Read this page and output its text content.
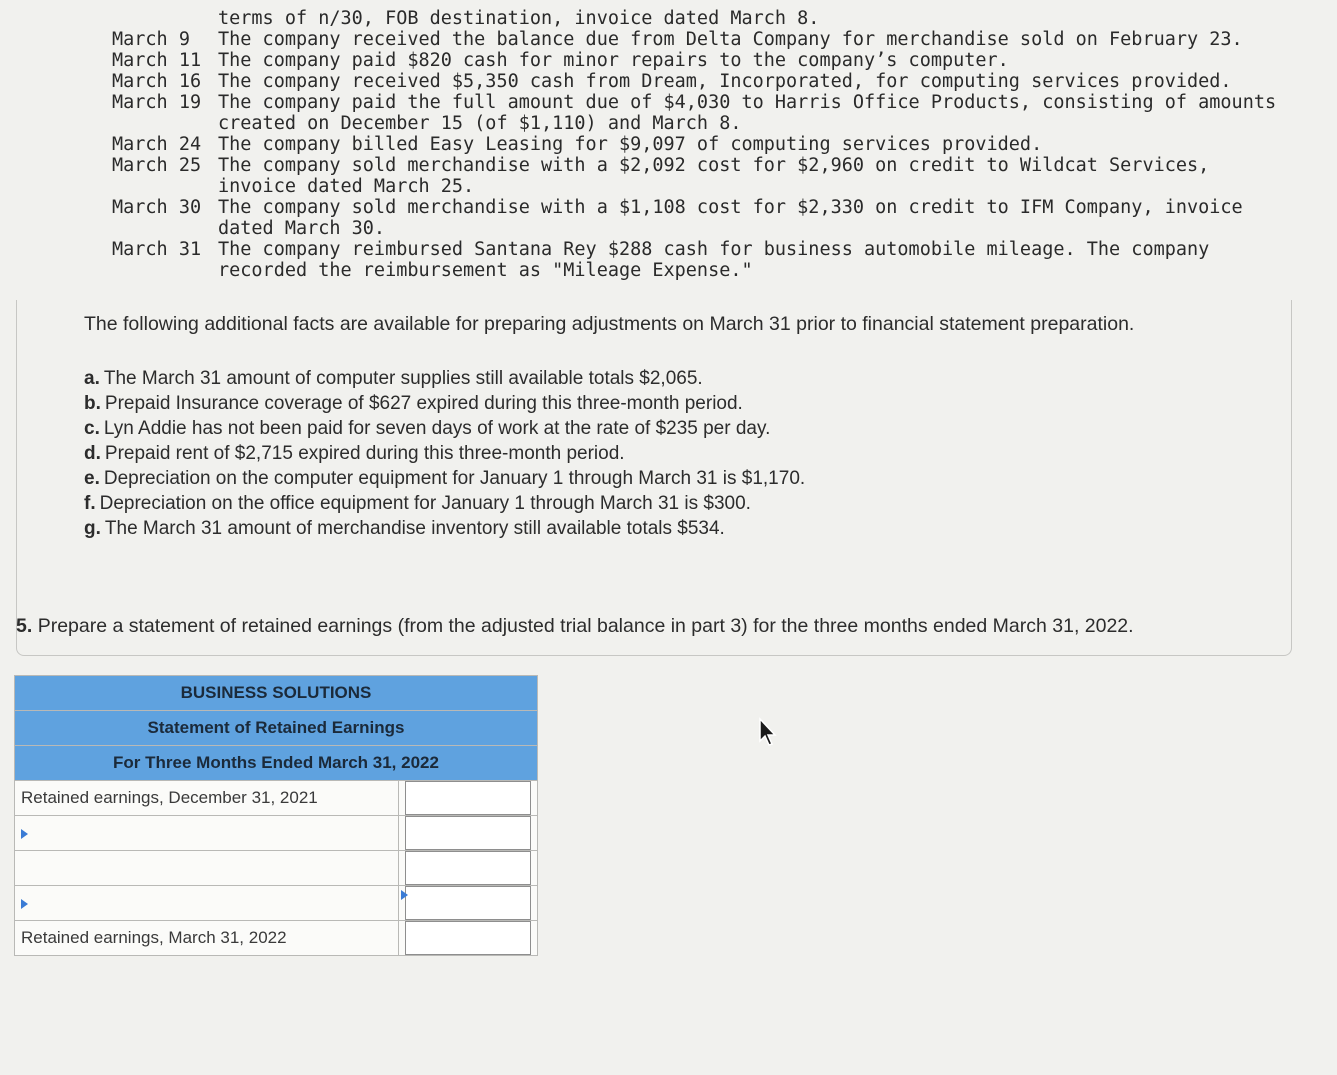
terms of n/30, FOB destination, invoice dated March 8.
March 9	The company received the balance due from Delta Company for merchandise sold on February 23.
March 11 The company paid $820 cash for minor repairs to the company’s computer.
March 16 The company received $5,350 cash from Dream, Incorporated, for computing services provided.
March 19 The company paid the full amount due of $4,030 to Harris Office Products, consisting of amounts created on December 15 (of $1,110) and March 8.
March 24 The company billed Easy Leasing for $9,097 of computing services provided.
March 25 The company sold merchandise with a $2,092 cost for $2,960 on credit to Wildcat Services, invoice dated March 25.
March 30 The company sold merchandise with a $1,108 cost for $2,330 on credit to IFM Company, invoice dated March 30.
March 31 The company reimbursed Santana Rey $288 cash for business automobile mileage. The company recorded the reimbursement as "Mileage Expense."
The following additional facts are available for preparing adjustments on March 31 prior to financial statement preparation.
a. The March 31 amount of computer supplies still available totals $2,065.
b. Prepaid Insurance coverage of $627 expired during this three-month period.
c. Lyn Addie has not been paid for seven days of work at the rate of $235 per day.
d. Prepaid rent of $2,715 expired during this three-month period.
e. Depreciation on the computer equipment for January 1 through March 31 is $1,170.
f. Depreciation on the office equipment for January 1 through March 31 is $300.
g. The March 31 amount of merchandise inventory still available totals $534.
5. Prepare a statement of retained earnings (from the adjusted trial balance in part 3) for the three months ended March 31, 2022.
BUSINESS SOLUTIONS	
Statement of Retained Earnings	
For Three Months Ended March 31, 2022	
Retained earnings, December 31, 2021	

Retained earnings, March 31, 2022	
